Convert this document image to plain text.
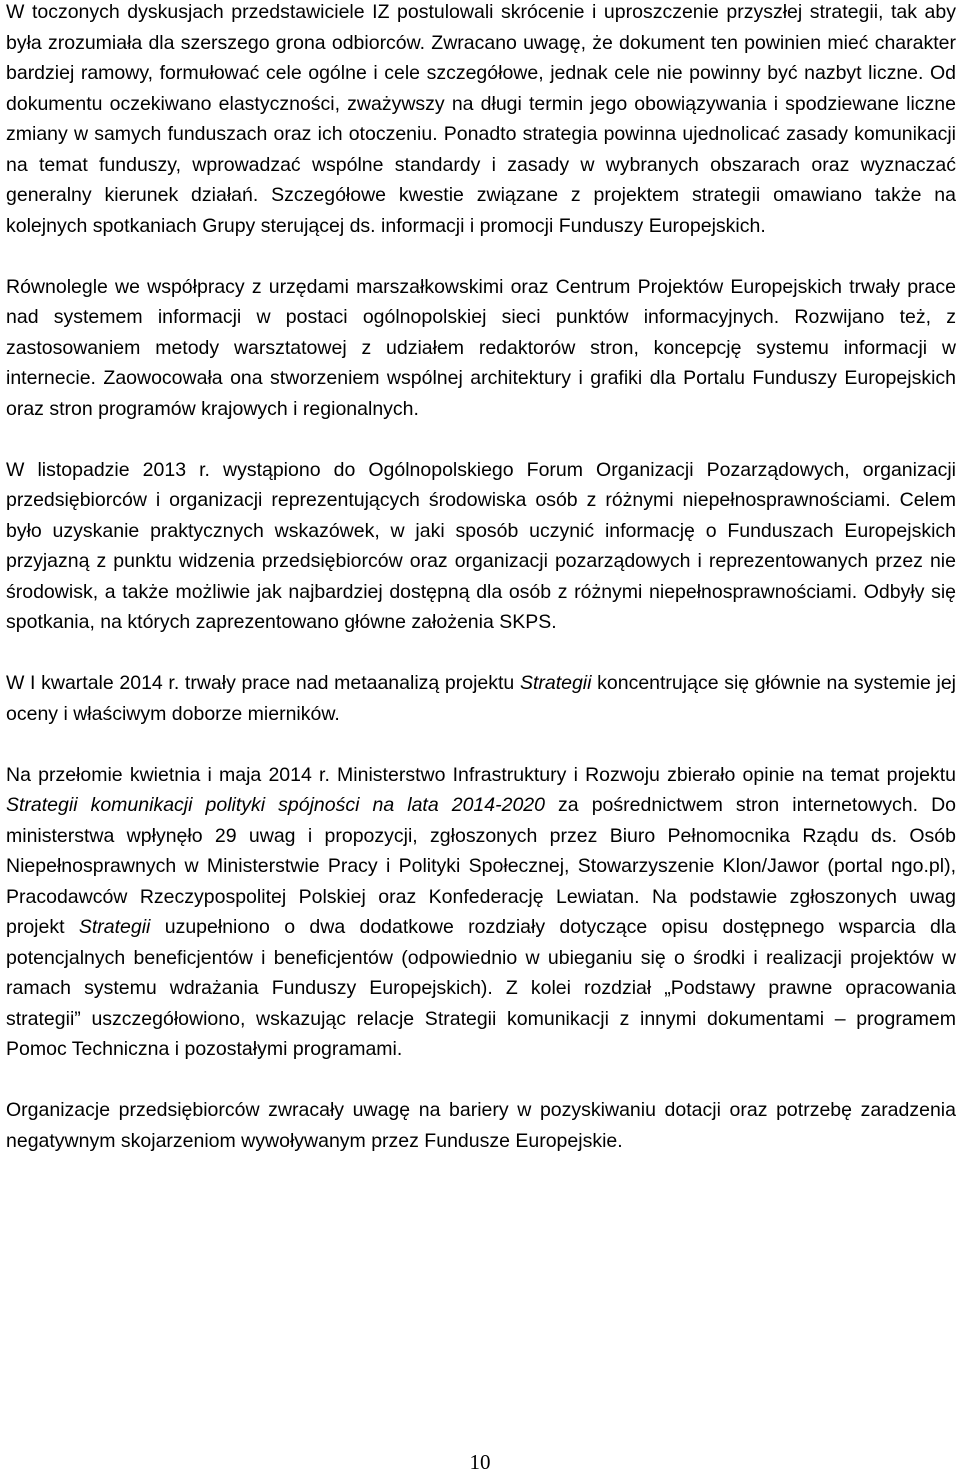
W toczonych dyskusjach przedstawiciele IZ postulowali skrócenie i uproszczenie przyszłej strategii, tak aby była zrozumiała dla szerszego grona odbiorców. Zwracano uwagę, że dokument ten powinien mieć charakter bardziej ramowy, formułować cele ogólne i cele szczegółowe, jednak cele nie powinny być nazbyt liczne. Od dokumentu oczekiwano elastyczności, zważywszy na długi termin jego obowiązywania i spodziewane liczne zmiany w samych funduszach oraz ich otoczeniu. Ponadto strategia powinna ujednolicać zasady komunikacji na temat funduszy, wprowadzać wspólne standardy i zasady w wybranych obszarach oraz wyznaczać generalny kierunek działań. Szczegółowe kwestie związane z projektem strategii omawiano także na kolejnych spotkaniach Grupy sterującej ds. informacji i promocji Funduszy Europejskich.

Równolegle we współpracy z urzędami marszałkowskimi oraz Centrum Projektów Europejskich trwały prace nad systemem informacji w postaci ogólnopolskiej sieci punktów informacyjnych. Rozwijano też, z zastosowaniem metody warsztatowej z udziałem redaktorów stron, koncepcję systemu informacji w internecie. Zaowocowała ona stworzeniem wspólnej architektury i grafiki dla Portalu Funduszy Europejskich oraz stron programów krajowych i regionalnych.

W listopadzie 2013 r. wystąpiono do Ogólnopolskiego Forum Organizacji Pozarządowych, organizacji przedsiębiorców i organizacji reprezentujących środowiska osób z różnymi niepełnosprawnościami. Celem było uzyskanie praktycznych wskazówek, w jaki sposób uczynić informację o Funduszach Europejskich przyjazną z punktu widzenia przedsiębiorców oraz organizacji pozarządowych i reprezentowanych przez nie środowisk, a także możliwie jak najbardziej dostępną dla osób z różnymi niepełnosprawnościami. Odbyły się spotkania, na których zaprezentowano główne założenia SKPS.

W I kwartale 2014 r. trwały prace nad metaanalizą projektu Strategii koncentrujące się głównie na systemie jej oceny i właściwym doborze mierników.

Na przełomie kwietnia i maja 2014 r. Ministerstwo Infrastruktury i Rozwoju zbierało opinie na temat projektu Strategii komunikacji polityki spójności na lata 2014-2020 za pośrednictwem stron internetowych. Do ministerstwa wpłynęło 29 uwag i propozycji, zgłoszonych przez Biuro Pełnomocnika Rządu ds. Osób Niepełnosprawnych w Ministerstwie Pracy i Polityki Społecznej, Stowarzyszenie Klon/Jawor (portal ngo.pl), Pracodawców Rzeczypospolitej Polskiej oraz Konfederację Lewiatan. Na podstawie zgłoszonych uwag projekt Strategii uzupełniono o dwa dodatkowe rozdziały dotyczące opisu dostępnego wsparcia dla potencjalnych beneficjentów i beneficjentów (odpowiednio w ubieganiu się o środki i realizacji projektów w ramach systemu wdrażania Funduszy Europejskich). Z kolei rozdział „Podstawy prawne opracowania strategii” uszczegółowiono, wskazując relacje Strategii komunikacji z innymi dokumentami – programem Pomoc Techniczna i pozostałymi programami.

Organizacje przedsiębiorców zwracały uwagę na bariery w pozyskiwaniu dotacji oraz potrzebę zaradzenia negatywnym skojarzeniom wywoływanym przez Fundusze Europejskie.

10
